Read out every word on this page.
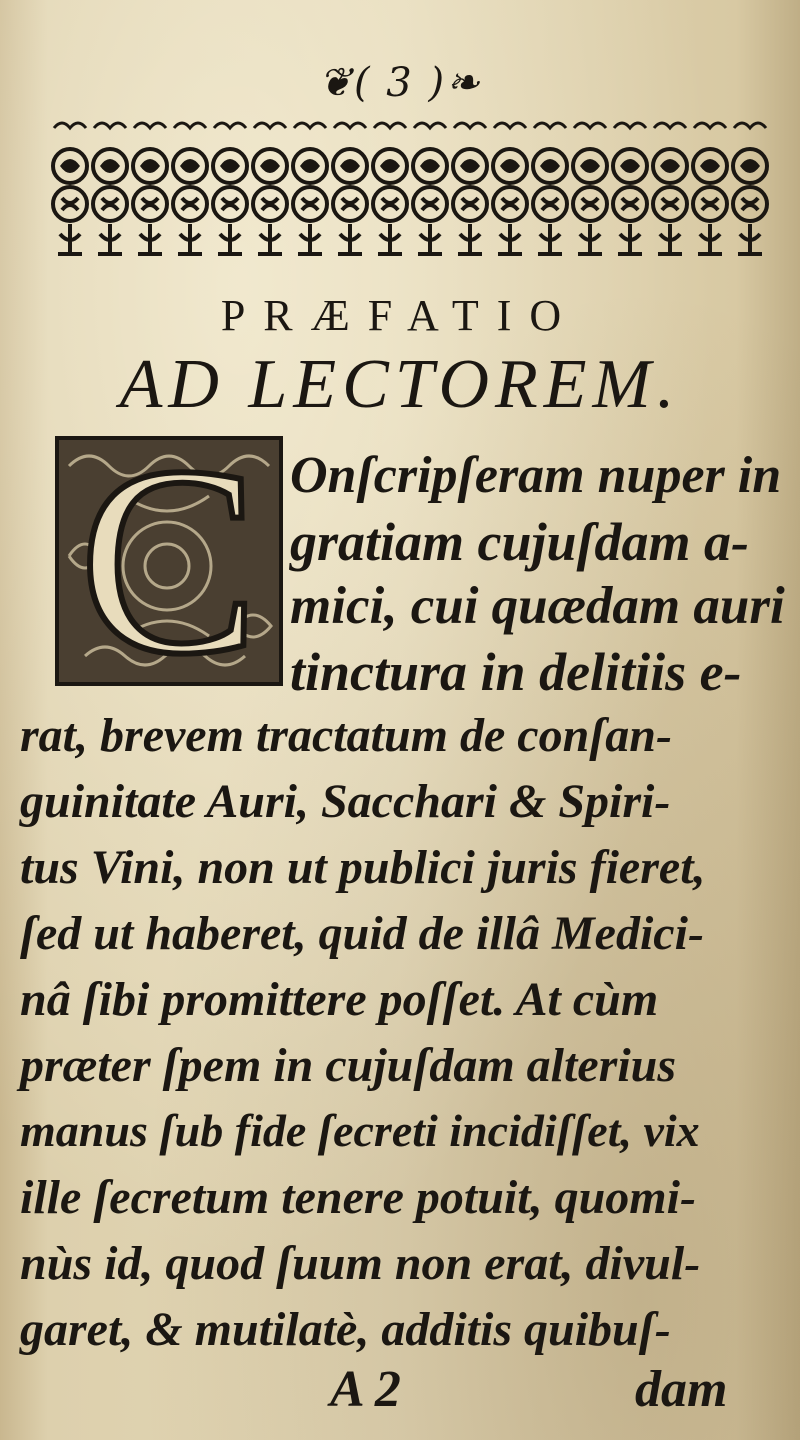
❦( 3 )❧
PRÆFATIO
AD LECTOREM.
C Onſcripſeram nuper in
gratiam cujuſdam a-
mici, cui quædam auri
tinctura in delitiis e-
rat, brevem tractatum de conſan-
guinitate Auri, Sacchari & Spiri-
tus Vini, non ut publici juris fieret,
ſed ut haberet, quid de illâ Medici-
nâ ſibi promittere poſſet. At cùm
præter ſpem in cujuſdam alterius
manus ſub fide ſecreti incidiſſet, vix
ille ſecretum tenere potuit, quomi-
nùs id, quod ſuum non erat, divul-
garet, & mutilatè, additis quibuſ-
A 2	dam
